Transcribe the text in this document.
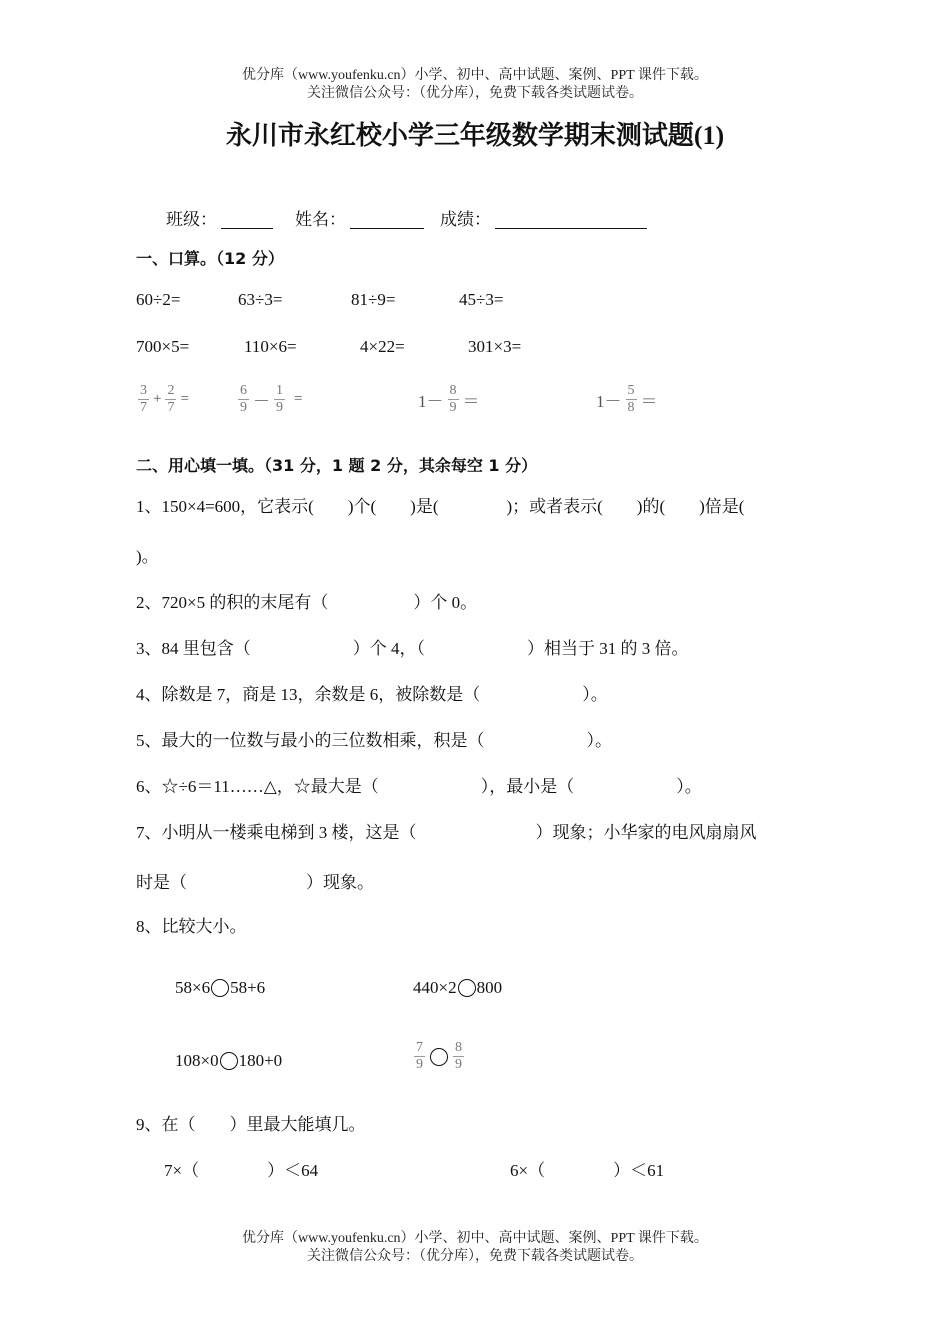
优分库（www.youfenku.cn）小学、初中、高中试题、案例、PPT 课件下载。
关注微信公众号：（优分库），免费下载各类试题试卷。
永川市永红校小学三年级数学期末测试题(1)
班级：	姓名：	成绩：
一、口算。（12 分）
60÷2=	63÷3=	81÷9=	45÷3=
700×5=	110×6=	4×22=	301×3=
$\frac{3}{7} + \frac{2}{7}$ =	$\frac{6}{9} - \frac{1}{9}$ =	$1- \frac{8}{9}$ ＝	$1- \frac{5}{8}$ ＝
二、用心填一填。（31 分，1 题 2 分，其余每空 1 分）
1、150×4=600，它表示(　　)个(　　)是(　　　　)；或者表示(　　)的(　　)倍是(
)。
2、720×5 的积的末尾有（　　　　　）个 0。
3、84 里包含（　　　　　　）个 4，（　　　　　　）相当于 31 的 3 倍。
4、除数是 7，商是 13，余数是 6，被除数是（　　　　　　）。
5、最大的一位数与最小的三位数相乘，积是（　　　　　　）。
6、☆÷6＝11……△，☆最大是（　　　　　　），最小是（　　　　　　）。
7、小明从一楼乘电梯到 3 楼，这是（　　　　　　　）现象；小华家的电风扇扇风
时是（　　　　　　　）现象。
8、比较大小。
58×6 58+6	440×2 800
108×0 180+0	$\frac{7}{9} \frac{8}{9}$
9、在（　　）里最大能填几。
7×（　　　　）＜64	6×（　　　　）＜61
优分库（www.youfenku.cn）小学、初中、高中试题、案例、PPT 课件下载。
关注微信公众号：（优分库），免费下载各类试题试卷。
